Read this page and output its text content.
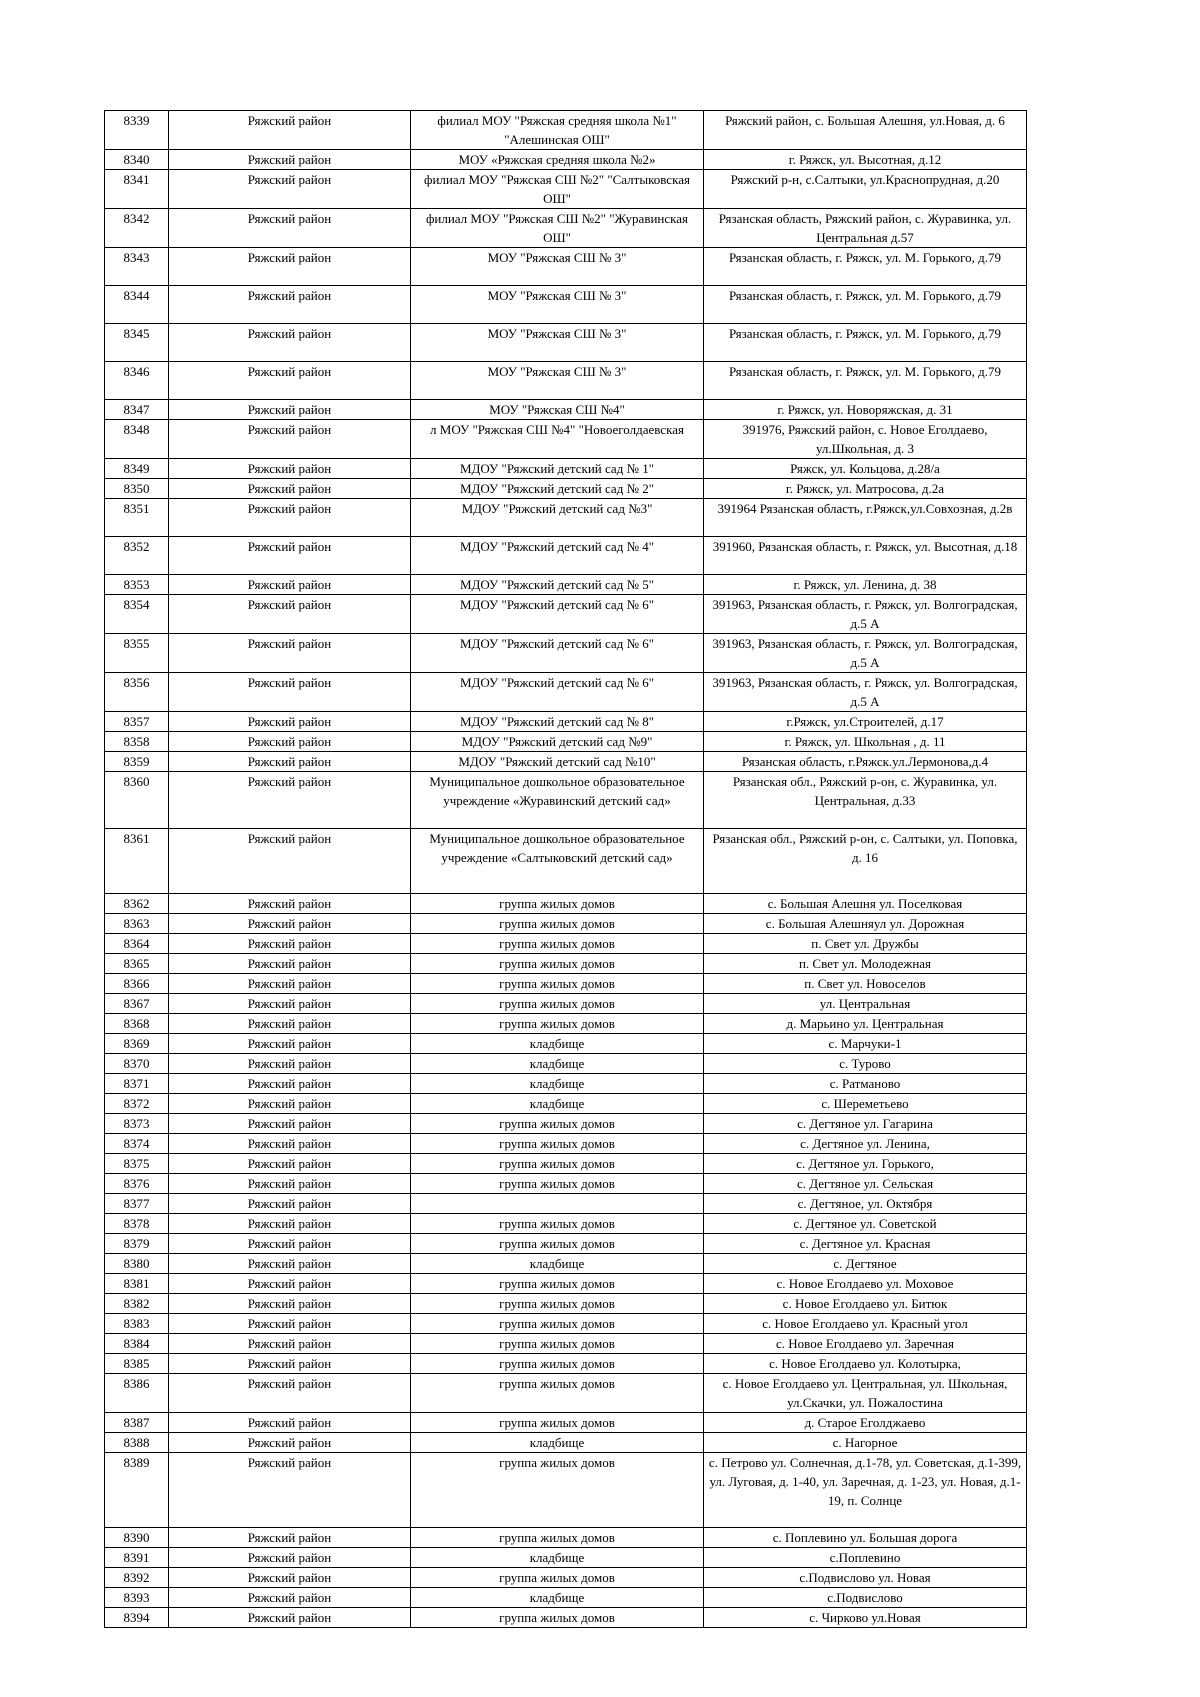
8339	Ряжский район	филиал МОУ "Ряжская средняя школа №1" "Алешинская ОШ"	Ряжский район, с. Большая Алешня, ул.Новая, д. 6
8340	Ряжский район	МОУ «Ряжская средняя школа №2»	г. Ряжск, ул. Высотная, д.12
8341	Ряжский район	филиал МОУ "Ряжская СШ №2" "Салтыковская ОШ"	Ряжский р-н, с.Салтыки, ул.Краснопрудная, д.20
8342	Ряжский район	филиал МОУ "Ряжская СШ №2" "Журавинская ОШ"	Рязанская область, Ряжский район, с. Журавинка, ул. Центральная д.57
8343	Ряжский район	МОУ "Ряжская СШ № 3"	Рязанская область, г. Ряжск, ул. М. Горького, д.79
8344	Ряжский район	МОУ "Ряжская СШ № 3"	Рязанская область, г. Ряжск, ул. М. Горького, д.79
8345	Ряжский район	МОУ "Ряжская СШ № 3"	Рязанская область, г. Ряжск, ул. М. Горького, д.79
8346	Ряжский район	МОУ "Ряжская СШ № 3"	Рязанская область, г. Ряжск, ул. М. Горького, д.79
8347	Ряжский район	МОУ "Ряжская СШ №4"	г. Ряжск, ул. Новоряжская, д. 31
8348	Ряжский район	л МОУ "Ряжская СШ №4" "Новоеголдаевская	391976, Ряжский район, с. Новое Еголдаево, ул.Школьная, д. 3
8349	Ряжский район	МДОУ "Ряжский детский сад № 1"	Ряжск, ул. Кольцова, д.28/а
8350	Ряжский район	МДОУ "Ряжский детский сад № 2"	г. Ряжск, ул. Матросова, д.2а
8351	Ряжский район	МДОУ "Ряжский детский сад №3"	391964 Рязанская область, г.Ряжск,ул.Совхозная, д.2в
8352	Ряжский район	МДОУ "Ряжский детский сад № 4"	391960, Рязанская область, г. Ряжск, ул. Высотная, д.18
8353	Ряжский район	МДОУ "Ряжский детский сад № 5"	г. Ряжск, ул. Ленина, д. 38
8354	Ряжский район	МДОУ "Ряжский детский сад № 6"	391963, Рязанская область, г. Ряжск, ул. Волгоградская, д.5 А
8355	Ряжский район	МДОУ "Ряжский детский сад № 6"	391963, Рязанская область, г. Ряжск, ул. Волгоградская, д.5 А
8356	Ряжский район	МДОУ "Ряжский детский сад № 6"	391963, Рязанская область, г. Ряжск, ул. Волгоградская, д.5 А
8357	Ряжский район	МДОУ "Ряжский детский сад № 8"	г.Ряжск, ул.Строителей, д.17
8358	Ряжский район	МДОУ "Ряжский детский сад №9"	г. Ряжск, ул. Школьная , д. 11
8359	Ряжский район	МДОУ "Ряжский детский сад №10"	Рязанская область, г.Ряжск.ул.Лермонова,д.4
8360	Ряжский район	Муниципальное дошкольное образовательное учреждение «Журавинский детский сад»	Рязанская обл., Ряжский р-он, с. Журавинка, ул. Центральная, д.33
8361	Ряжский район	Муниципальное дошкольное образовательное учреждение «Салтыковский детский сад»	Рязанская обл., Ряжский р-он, с. Салтыки, ул. Поповка, д. 16
8362	Ряжский район	группа жилых домов	с. Большая Алешня ул. Поселковая
8363	Ряжский район	группа жилых домов	с. Большая Алешняул ул. Дорожная
8364	Ряжский район	группа жилых домов	п. Свет ул. Дружбы
8365	Ряжский район	группа жилых домов	п. Свет ул. Молодежная
8366	Ряжский район	группа жилых домов	п. Свет ул. Новоселов
8367	Ряжский район	группа жилых домов	ул. Центральная
8368	Ряжский район	группа жилых домов	д. Марьино ул. Центральная
8369	Ряжский район	кладбище	с. Марчуки-1
8370	Ряжский район	кладбище	с. Турово
8371	Ряжский район	кладбище	с. Ратманово
8372	Ряжский район	кладбище	с. Шереметьево
8373	Ряжский район	группа жилых домов	с. Дегтяное ул. Гагарина
8374	Ряжский район	группа жилых домов	с. Дегтяное ул. Ленина,
8375	Ряжский район	группа жилых домов	с. Дегтяное ул. Горького,
8376	Ряжский район	группа жилых домов	с. Дегтяное ул. Сельская
8377	Ряжский район		с. Дегтяное, ул. Октября
8378	Ряжский район	группа жилых домов	с. Дегтяное ул. Советской
8379	Ряжский район	группа жилых домов	с. Дегтяное ул. Красная
8380	Ряжский район	кладбище	с. Дегтяное
8381	Ряжский район	группа жилых домов	с. Новое Еголдаево ул. Моховое
8382	Ряжский район	группа жилых домов	с. Новое Еголдаево ул. Битюк
8383	Ряжский район	группа жилых домов	с. Новое Еголдаево ул. Красный угол
8384	Ряжский район	группа жилых домов	с. Новое Еголдаево ул. Заречная
8385	Ряжский район	группа жилых домов	с. Новое Еголдаево ул. Колотырка,
8386	Ряжский район	группа жилых домов	с. Новое Еголдаево ул. Центральная, ул. Школьная, ул.Скачки, ул. Пожалостина
8387	Ряжский район	группа жилых домов	д. Старое Еголджаево
8388	Ряжский район	кладбище	с. Нагорное
8389	Ряжский район	группа жилых домов	с. Петрово ул. Солнечная, д.1-78, ул. Советская, д.1-399, ул. Луговая, д. 1-40, ул. Заречная, д. 1-23, ул. Новая, д.1-19, п. Солнце
8390	Ряжский район	группа жилых домов	с. Поплевино ул. Большая дорога
8391	Ряжский район	кладбище	с.Поплевино
8392	Ряжский район	группа жилых домов	с.Подвислово ул. Новая
8393	Ряжский район	кладбище	с.Подвислово
8394	Ряжский район	группа жилых домов	с. Чирково ул.Новая
